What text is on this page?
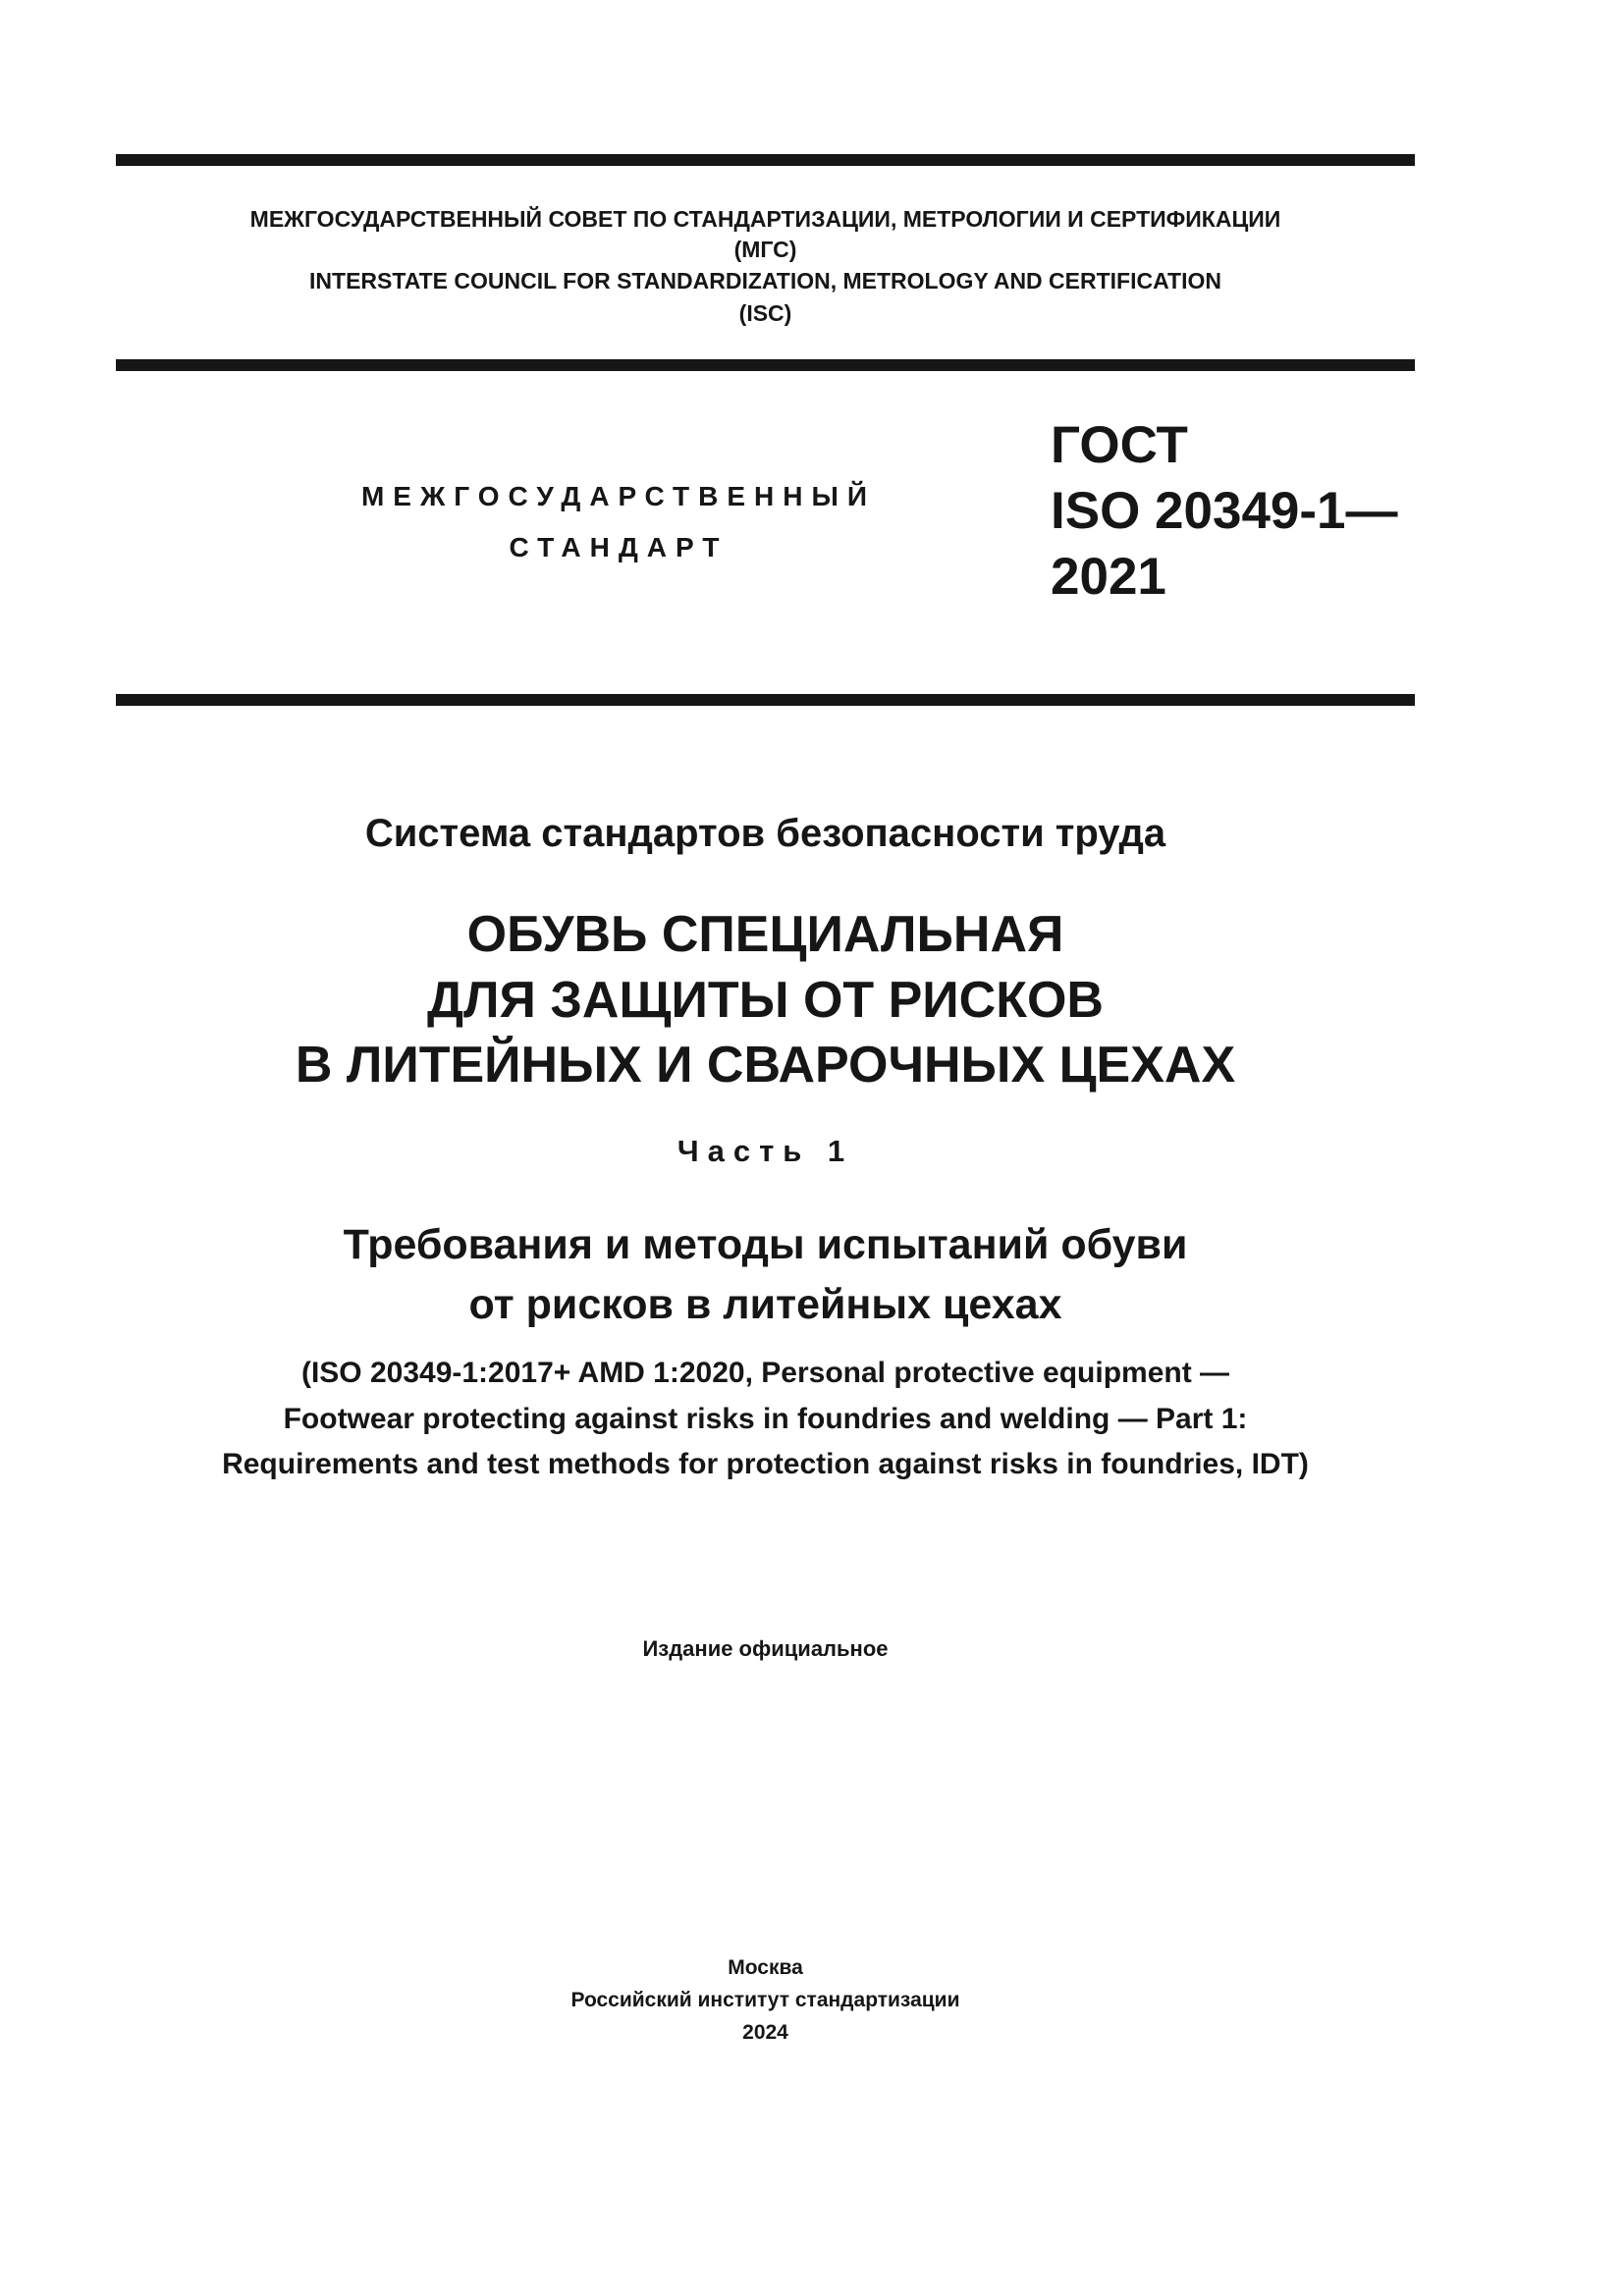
МЕЖГОСУДАРСТВЕННЫЙ СОВЕТ ПО СТАНДАРТИЗАЦИИ, МЕТРОЛОГИИ И СЕРТИФИКАЦИИ
(МГС)
INTERSTATE COUNCIL FOR STANDARDIZATION, METROLOGY AND CERTIFICATION
(ISC)
МЕЖГОСУДАРСТВЕННЫЙ
СТАНДАРТ
ГОСТ
ISO 20349-1—
2021
Система стандартов безопасности труда
ОБУВЬ СПЕЦИАЛЬНАЯ
ДЛЯ ЗАЩИТЫ ОТ РИСКОВ
В ЛИТЕЙНЫХ И СВАРОЧНЫХ ЦЕХАХ
Часть 1
Требования и методы испытаний обуви
от рисков в литейных цехах
(ISO 20349-1:2017+ AMD 1:2020, Personal protective equipment —
Footwear protecting against risks in foundries and welding — Part 1:
Requirements and test methods for protection against risks in foundries, IDT)
Издание официальное
Москва
Российский институт стандартизации
2024
